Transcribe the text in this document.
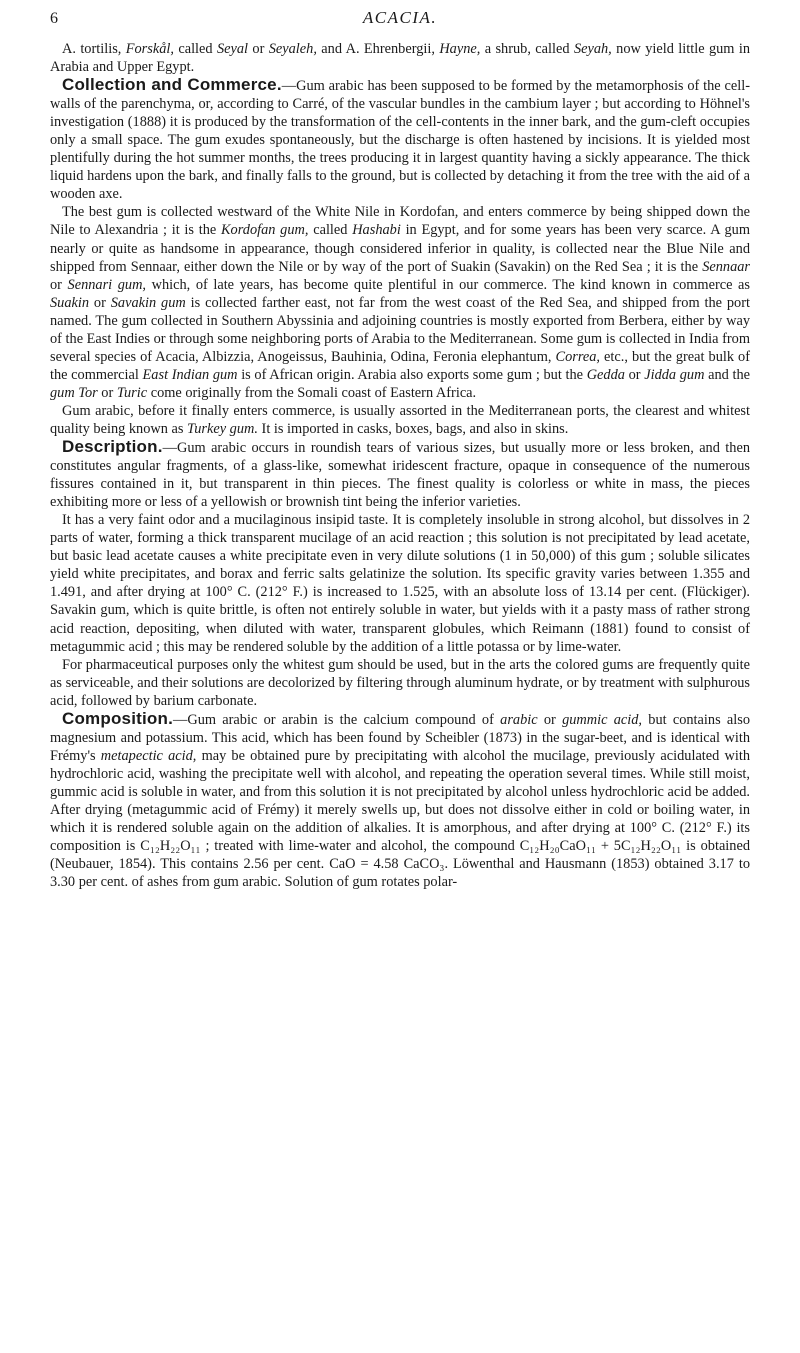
6	ACACIA.

A. tortilis, Forskål, called Seyal or Seyaleh, and A. Ehrenbergii, Hayne, a shrub, called Seyah, now yield little gum in Arabia and Upper Egypt.

Collection and Commerce.—Gum arabic has been supposed to be formed by the metamorphosis of the cell-walls of the parenchyma, or, according to Carré, of the vascular bundles in the cambium layer ; but according to Höhnel's investigation (1888) it is produced by the transformation of the cell-contents in the inner bark, and the gum-cleft occupies only a small space. The gum exudes spontaneously, but the discharge is often hastened by incisions. It is yielded most plentifully during the hot summer months, the trees producing it in largest quantity having a sickly appearance. The thick liquid hardens upon the bark, and finally falls to the ground, but is collected by detaching it from the tree with the aid of a wooden axe.

The best gum is collected westward of the White Nile in Kordofan, and enters commerce by being shipped down the Nile to Alexandria ; it is the Kordofan gum, called Hashabi in Egypt, and for some years has been very scarce. A gum nearly or quite as handsome in appearance, though considered inferior in quality, is collected near the Blue Nile and shipped from Sennaar, either down the Nile or by way of the port of Suakin (Savakin) on the Red Sea ; it is the Sennaar or Sennari gum, which, of late years, has become quite plentiful in our commerce. The kind known in commerce as Suakin or Savakin gum is collected farther east, not far from the west coast of the Red Sea, and shipped from the port named. The gum collected in Southern Abyssinia and adjoining countries is mostly exported from Berbera, either by way of the East Indies or through some neighboring ports of Arabia to the Mediterranean. Some gum is collected in India from several species of Acacia, Albizzia, Anogeissus, Bauhinia, Odina, Feronia elephantum, Correa, etc., but the great bulk of the commercial East Indian gum is of African origin. Arabia also exports some gum ; but the Gedda or Jidda gum and the gum Tor or Turic come originally from the Somali coast of Eastern Africa.

Gum arabic, before it finally enters commerce, is usually assorted in the Mediterranean ports, the clearest and whitest quality being known as Turkey gum. It is imported in casks, boxes, bags, and also in skins.

Description.—Gum arabic occurs in roundish tears of various sizes, but usually more or less broken, and then constitutes angular fragments, of a glass-like, somewhat iridescent fracture, opaque in consequence of the numerous fissures contained in it, but transparent in thin pieces. The finest quality is colorless or white in mass, the pieces exhibiting more or less of a yellowish or brownish tint being the inferior varieties.

It has a very faint odor and a mucilaginous insipid taste. It is completely insoluble in strong alcohol, but dissolves in 2 parts of water, forming a thick transparent mucilage of an acid reaction ; this solution is not precipitated by lead acetate, but basic lead acetate causes a white precipitate even in very dilute solutions (1 in 50,000) of this gum ; soluble silicates yield white precipitates, and borax and ferric salts gelatinize the solution. Its specific gravity varies between 1.355 and 1.491, and after drying at 100° C. (212° F.) is increased to 1.525, with an absolute loss of 13.14 per cent. (Flückiger). Savakin gum, which is quite brittle, is often not entirely soluble in water, but yields with it a pasty mass of rather strong acid reaction, depositing, when diluted with water, transparent globules, which Reimann (1881) found to consist of metagummic acid ; this may be rendered soluble by the addition of a little potassa or by lime-water.

For pharmaceutical purposes only the whitest gum should be used, but in the arts the colored gums are frequently quite as serviceable, and their solutions are decolorized by filtering through aluminum hydrate, or by treatment with sulphurous acid, followed by barium carbonate.

Composition.—Gum arabic or arabin is the calcium compound of arabic or gummic acid, but contains also magnesium and potassium. This acid, which has been found by Scheibler (1873) in the sugar-beet, and is identical with Frémy's metapectic acid, may be obtained pure by precipitating with alcohol the mucilage, previously acidulated with hydrochloric acid, washing the precipitate well with alcohol, and repeating the operation several times. While still moist, gummic acid is soluble in water, and from this solution it is not precipitated by alcohol unless hydrochloric acid be added. After drying (metagummic acid of Frémy) it merely swells up, but does not dissolve either in cold or boiling water, in which it is rendered soluble again on the addition of alkalies. It is amorphous, and after drying at 100° C. (212° F.) its composition is C₁₂H₂₂O₁₁ ; treated with lime-water and alcohol, the compound C₁₂H₂₀CaO₁₁ + 5C₁₂H₂₂O₁₁ is obtained (Neubauer, 1854). This contains 2.56 per cent. CaO = 4.58 CaCO₃. Löwenthal and Hausmann (1853) obtained 3.17 to 3.30 per cent. of ashes from gum arabic. Solution of gum rotates polar-
